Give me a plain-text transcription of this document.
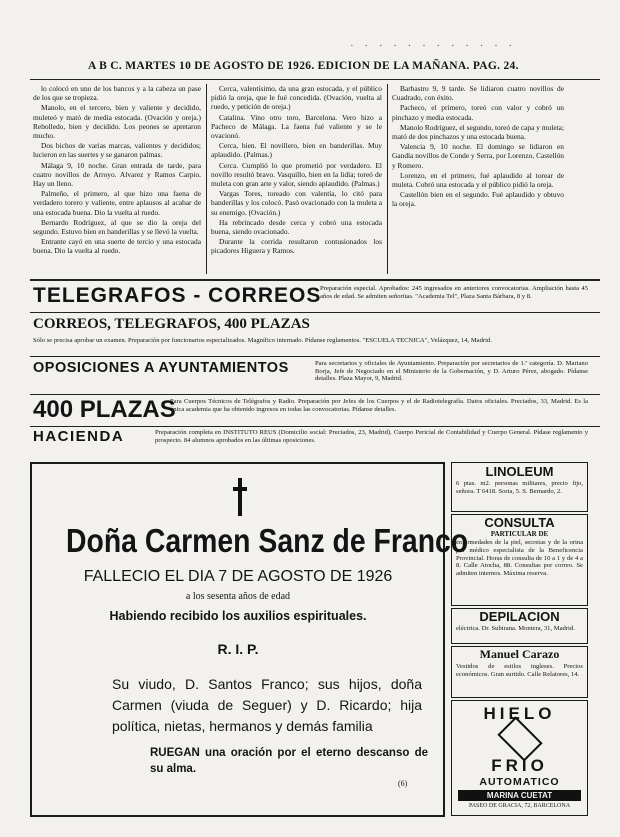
· · · · · · · · · · · ·
A B C. MARTES 10 DE AGOSTO DE 1926. EDICION DE LA MAÑANA. PAG. 24.

lo colocó en uno de los bancos y a la cabeza un pase de los que se tropieza.

Manolo, en el tercero, bien y valiente y decidido, muleteó y mató de media estocada. (Ovación y oreja.) Rebolledo, bien y decidido. Los peones se apretaron mucho.

Dos bichos de varias marcas, valientes y decididos; lucieron en las suertes y se ganaron palmas.

Málaga 9, 10 noche. Gran entrada de tarde, para cuatro novillos de Arroyo. Alvarez y Ramos Carpio. Hay un lleno.

Palmeño, el primero, al que hizo una faena de verdadero torero y valiente, entre aplausos al acabar de una estocada buena. Dio la vuelta al ruedo.

Bernardo Rodríguez, al que se dio la oreja del segundo. Estuvo bien en banderillas y se llevó la vuelta.

Entrante cayó en una suerte de tercio y una estocada buena. Dio la vuelta al ruedo.

Cerca, valentísimo, da una gran estocada, y el público pidió la oreja, que le fué concedida. (Ovación, vuelta al ruedo, y petición de oreja.)

Catalina. Vino otro toro, Barcelona. Vero hizo a Pacheco de Málaga. La faena fué valiente y se le ovacionó.

Cerca, bien. El novillero, bien en banderillas. Muy aplaudido. (Palmas.)

Cerca. Cumplió lo que prometió por verdadero. El novillo resultó bravo. Vasquillo, bien en la lidia; toreó de muleta con gran arte y valor, siendo aplaudido. (Palmas.)

Vargas Tores, toreado con valentía, lo citó para banderillas y los colocó. Pasó ovacionado con la muleta a su enemigo. (Ovación.)

Ha rebrincado desde cerca y cobró una estocada buena, siendo ovacionado.

Durante la corrida resultaron contusionados los picadores Higuera y Ramos.

Barbastro 9, 9 tarde. Se lidiaron cuatro novillos de Cuadrado, con éxito.

Pacheco, el primero, toreó con valor y cobró un pinchazo y media estocada.

Manolo Rodríguez, el segundo, toreó de capa y muleta; mató de dos pinchazos y una estocada buena.

Valencia 9, 10 noche. El domingo se lidiaron en Gandía novillos de Conde y Serra, por Lorenzo, Castellón y Romero.

Lorenzo, en el primero, fué aplaudido al torear de muleta. Cobró una estocada y el público pidió la oreja.

Castellón bien en el segundo. Fué aplaudido y obtuvo la oreja.

TELEGRAFOS - CORREOS
Preparación especial. Aprobados: 245 ingresados en anteriores convocatorias. Ampliación hasta 45 años de edad. Se admiten señoritas. "Academia Tel", Plaza Santa Bárbara, 8 y 8.
CORREOS, TELEGRAFOS, 400 PLAZAS
Sólo se precisa aprobar un examen. Preparación por funcionarios especializados. Magnífico internado. Pídanse reglamentos. "ESCUELA TECNICA", Velázquez, 14, Madrid.
OPOSICIONES A AYUNTAMIENTOS	Para secretarios y oficiales de Ayuntamiento. Preparación por secretarios de 1.ª categoría. D. Mariano Borja, Jefe de Negociado en el Ministerio de la Gobernación, y D. Arturo Pérez, abogado. Pídanse detalles. Plaza Mayor, 9, Madrid.
400 PLAZAS
Para Cuerpos Técnicos de Telégrafos y Radio. Preparación por Jefes de los Cuerpos y el de Radiotelegrafía. Datos oficiales. Preciados, 33, Madrid. Es la única academia que ha obtenido ingresos en todas las convocatorias. Pídanse detalles.
HACIENDA	Preparación completa en INSTITUTO REUS (Domicilio social: Preciados, 23, Madrid). Cuerpo Pericial de Contabilidad y Cuerpo General. Pídase reglamento y prospecto. 84 alumnos aprobados en las últimas oposiciones.
Doña Carmen Sanz de Franco
FALLECIO EL DIA 7 DE AGOSTO DE 1926
a los sesenta años de edad
Habiendo recibido los auxilios espirituales.
R. I. P.
Su viudo, D. Santos Franco; sus hijos, doña Carmen (viuda de Seguer) y D. Ricardo; hija política, nietas, hermanos y demás familia
RUEGAN una oración por el eterno descanso de su alma.
(6)
LINOLEUM
6 ptas. m2. personas militares, precio fijo, señora. T 6418. Soria, 5. S. Bernardo, 2.
CONSULTA
PARTICULAR DE
enfermedades de la piel, secretas y de la orina por médico especialista de la Beneficencia Provincial. Horas de consulta de 10 a 1 y de 4 a 8. Calle Atocha, 88. Consultas por correo. Se admiten internos. Máxima reserva.
DEPILACION
eléctrica. Dr. Subirana. Montera, 31, Madrid.
Manuel Carazo
Vestidos de estilos ingleses. Precios económicos. Gran surtido. Calle Relatores, 14.
HIELO
FRIO
AUTOMATICO
MARINA CUETAT
PASEO DE GRACIA, 72, BARCELONA
